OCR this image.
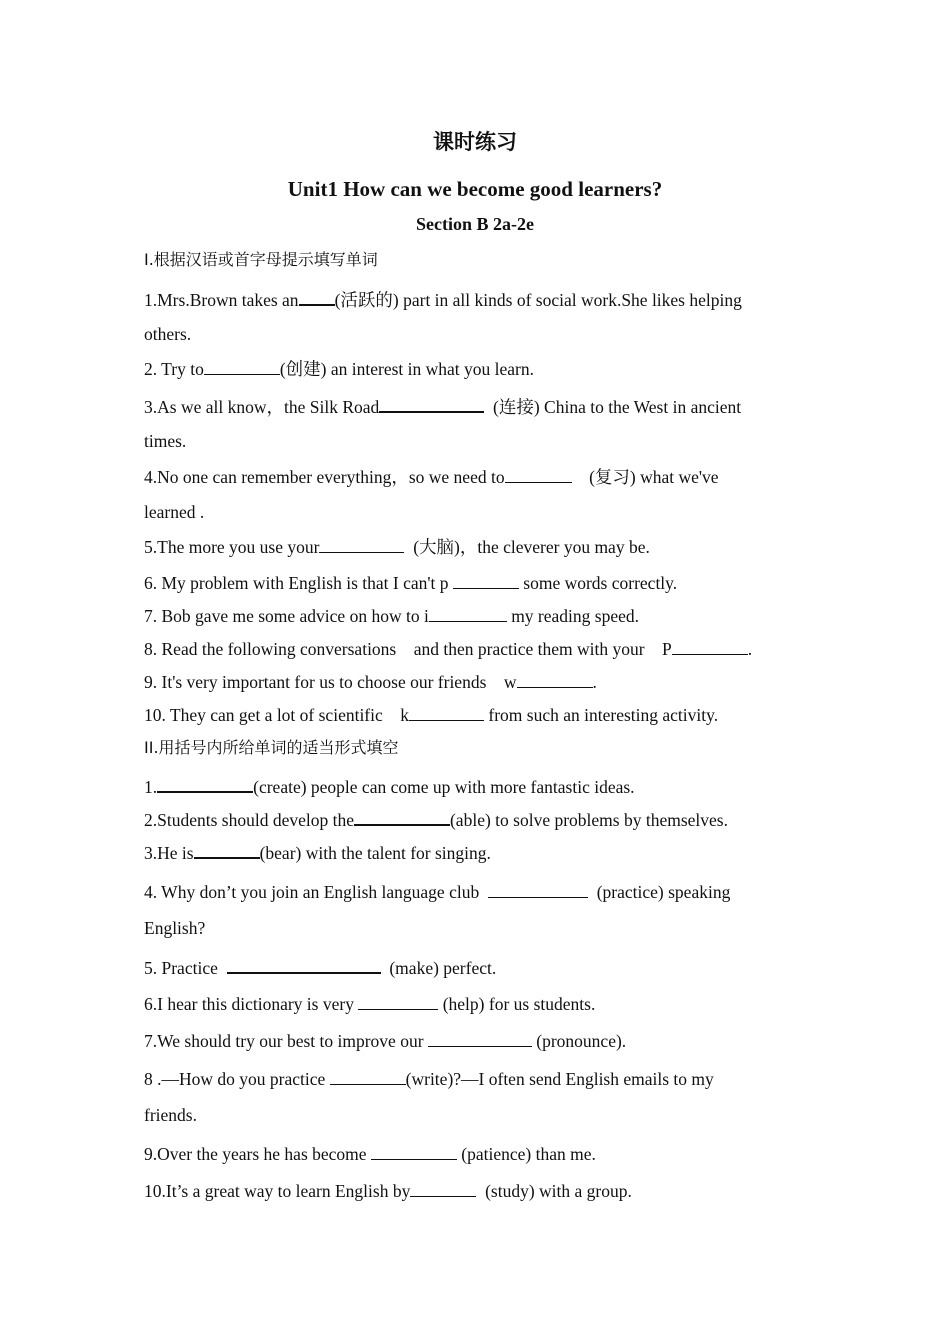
课时练习
Unit1 How can we become good learners?
Section B 2a-2e
I.根据汉语或首字母提示填写单词
1.Mrs.Brown takes an (活跃的) part in all kinds of social work.She likes helping
others.
2. Try to	(创建) an interest in what you learn.
3.As we all know，the Silk Road	(连接) China to the West in ancient
times.
4.No one can remember everything，so we need to	(复习) what we've
learned .
5.The more you use your	(大脑)，the cleverer you may be.
6. My problem with English is that I can't p	some words correctly.
7. Bob gave me some advice on how to i	my reading speed.
8. Read the following conversations    and then practice them with your    P	.
9. It's very important for us to choose our friends    w	.
10. They can get a lot of scientific    k	from such an interesting activity.
II.用括号内所给单词的适当形式填空
1.	(create) people can come up with more fantastic ideas.
2.Students should develop the	(able) to solve problems by themselves.
3.He is	(bear) with the talent for singing.
4. Why don’t you join an English language club	(practice) speaking
English?
5. Practice	(make) perfect.
6.I hear this dictionary is very	(help) for us students.
7.We should try our best to improve our	(pronounce).
8 .—How do you practice	(write)?—I often send English emails to my
friends.
9.Over the years he has become	(patience) than me.
10.It’s a great way to learn English by	(study) with a group.
